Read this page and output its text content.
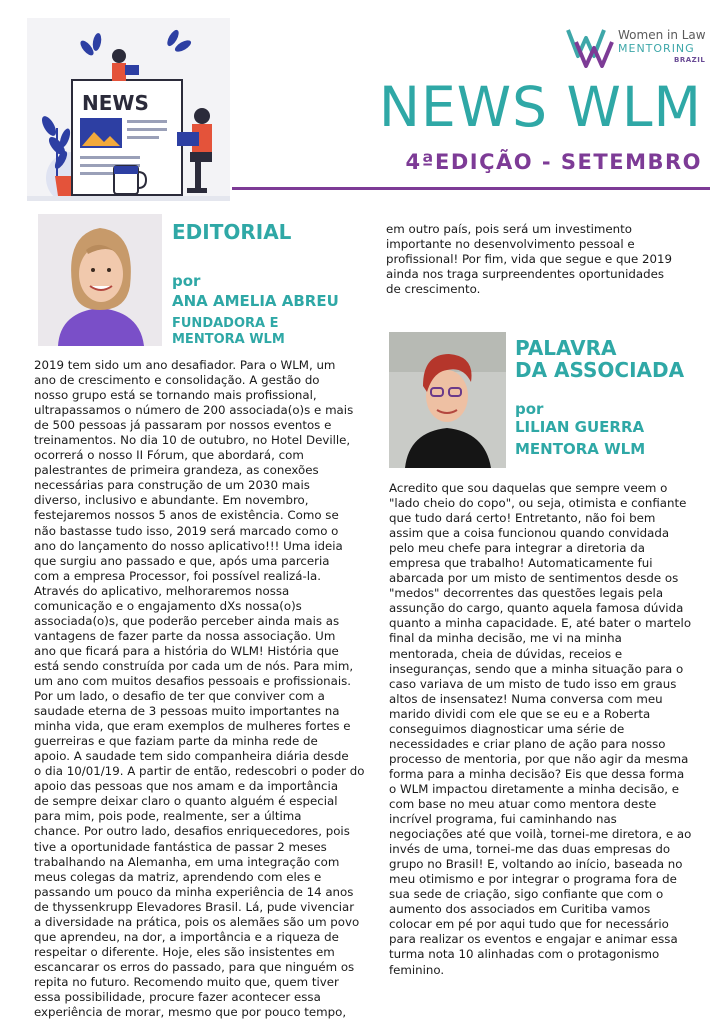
NEWS
Women in Law
MENTORING
BRAZIL
NEWS WLM
4ªEDIÇÃO - SETEMBRO
EDITORIAL
por
ANA AMELIA ABREU
FUNDADORA E
MENTORA WLM
2019 tem sido um ano desafiador. Para o WLM, um
ano de crescimento e consolidação. A gestão do
nosso grupo está se tornando mais profissional,
ultrapassamos o número de 200 associada(o)s e mais
de 500 pessoas já passaram por nossos eventos e
treinamentos. No dia 10 de outubro, no Hotel Deville,
ocorrerá o nosso II Fórum, que abordará, com
palestrantes de primeira grandeza, as conexões
necessárias para construção de um 2030 mais
diverso, inclusivo e abundante. Em novembro,
festejaremos nossos 5 anos de existência. Como se
não bastasse tudo isso, 2019 será marcado como o
ano do lançamento do nosso aplicativo!!! Uma ideia
que surgiu ano passado e que, após uma parceria
com a empresa Processor, foi possível realizá-la.
Através do aplicativo, melhoraremos nossa
comunicação e o engajamento dXs nossa(o)s
associada(o)s, que poderão perceber ainda mais as
vantagens de fazer parte da nossa associação. Um
ano que ficará para a história do WLM! História que
está sendo construída por cada um de nós. Para mim,
um ano com muitos desafios pessoais e profissionais.
Por um lado, o desafio de ter que conviver com a
saudade eterna de 3 pessoas muito importantes na
minha vida, que eram exemplos de mulheres fortes e
guerreiras e que faziam parte da minha rede de
apoio. A saudade tem sido companheira diária desde
o dia 10/01/19. A partir de então, redescobri o poder do
apoio das pessoas que nos amam e da importância
de sempre deixar claro o quanto alguém é especial
para mim, pois pode, realmente, ser a última
chance. Por outro lado, desafios enriquecedores, pois
tive a oportunidade fantástica de passar 2 meses
trabalhando na Alemanha, em uma integração com
meus colegas da matriz, aprendendo com eles e
passando um pouco da minha experiência de 14 anos
de thyssenkrupp Elevadores Brasil. Lá, pude vivenciar
a diversidade na prática, pois os alemães são um povo
que aprendeu, na dor, a importância e a riqueza de
respeitar o diferente. Hoje, eles são insistentes em
escancarar os erros do passado, para que ninguém os
repita no futuro. Recomendo muito que, quem tiver
essa possibilidade, procure fazer acontecer essa
experiência de morar, mesmo que por pouco tempo,
em outro país, pois será um investimento
importante no desenvolvimento pessoal e
profissional! Por fim, vida que segue e que 2019
ainda nos traga surpreendentes oportunidades
de crescimento.
PALAVRA
DA ASSOCIADA
por
LILIAN GUERRA
MENTORA WLM
Acredito que sou daquelas que sempre veem o
"lado cheio do copo", ou seja, otimista e confiante
que tudo dará certo! Entretanto, não foi bem
assim que a coisa funcionou quando convidada
pelo meu chefe para integrar a diretoria da
empresa que trabalho! Automaticamente fui
abarcada por um misto de sentimentos desde os
"medos" decorrentes das questões legais pela
assunção do cargo, quanto aquela famosa dúvida
quanto a minha capacidade. E, até bater o martelo
final da minha decisão, me vi na minha
mentorada, cheia de dúvidas, receios e
inseguranças, sendo que a minha situação para o
caso variava de um misto de tudo isso em graus
altos de insensatez! Numa conversa com meu
marido dividi com ele que se eu e a Roberta
conseguimos diagnosticar uma série de
necessidades e criar plano de ação para nosso
processo de mentoria, por que não agir da mesma
forma para a minha decisão? Eis que dessa forma
o WLM impactou diretamente a minha decisão, e
com base no meu atuar como mentora deste
incrível programa, fui caminhando nas
negociações até que voilà, tornei-me diretora, e ao
invés de uma, tornei-me das duas empresas do
grupo no Brasil! E, voltando ao início, baseada no
meu otimismo e por integrar o programa fora de
sua sede de criação, sigo confiante que com o
aumento dos associados em Curitiba vamos
colocar em pé por aqui tudo que for necessário
para realizar os eventos e engajar e animar essa
turma nota 10 alinhadas com o protagonismo
feminino.
